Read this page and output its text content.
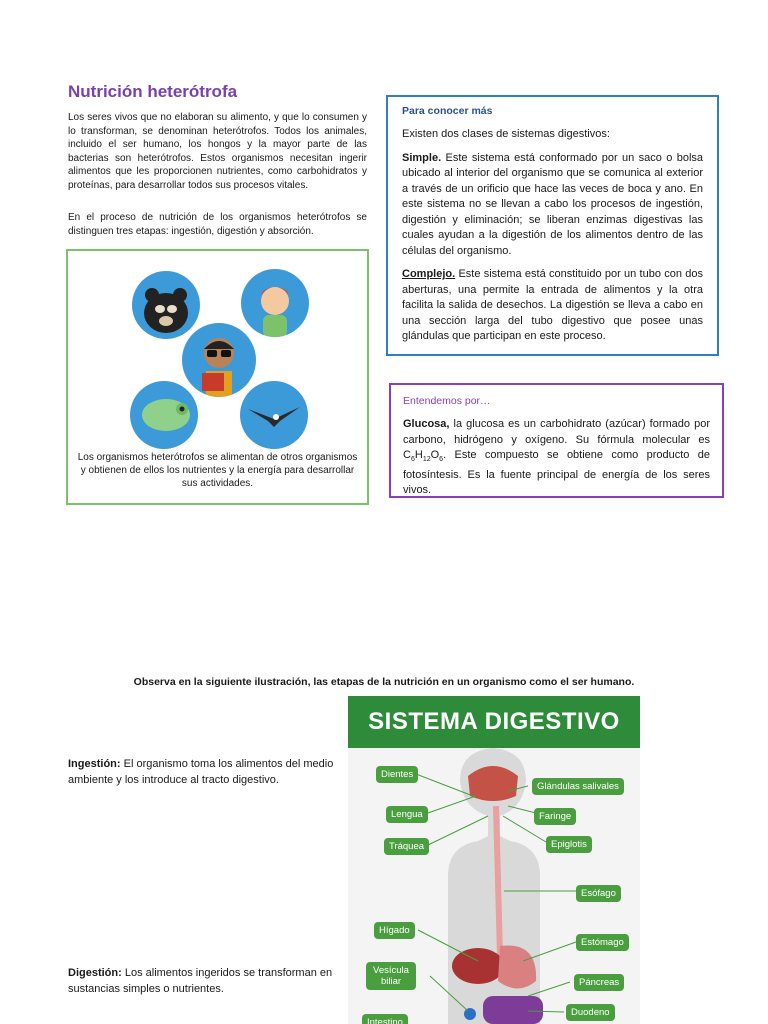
Nutrición heterótrofa

Los seres vivos que no elaboran su alimento, y que lo consumen y lo transforman, se denominan heterótrofos. Todos los animales, incluido el ser humano, los hongos y la mayor parte de las bacterias son heterótrofos. Estos organismos necesitan ingerir alimentos que les proporcionen nutrientes, como carbohidratos y proteínas, para desarrollar todos sus procesos vitales.

En el proceso de nutrición de los organismos heterótrofos se distinguen tres etapas: ingestión, digestión y absorción.

Los organismos heterótrofos se alimentan de otros organismos y obtienen de ellos los nutrientes y la energía para desarrollar sus actividades.
Para conocer más

Existen dos clases de sistemas digestivos:

Simple. Este sistema está conformado por un saco o bolsa ubicado al interior del organismo que se comunica al exterior a través de un orificio que hace las veces de boca y ano. En este sistema no se llevan a cabo los procesos de ingestión, digestión y eliminación; se liberan enzimas digestivas las cuales ayudan a la digestión de los alimentos dentro de las células del organismo.

Complejo. Este sistema está constituido por un tubo con dos aberturas, una permite la entrada de alimentos y la otra facilita la salida de desechos. La digestión se lleva a cabo en una sección larga del tubo digestivo que posee unas glándulas que participan en este proceso.

Entendemos por…

Glucosa, la glucosa es un carbohidrato (azúcar) formado por carbono, hidrógeno y oxígeno. Su fórmula molecular es $C_6H_{12}O_6$. Este compuesto se obtiene como producto de fotosíntesis. Es la fuente principal de energía de los seres vivos.

Observa en la siguiente ilustración, las etapas de la nutrición en un organismo como el ser humano.
Ingestión: El organismo toma los alimentos del medio ambiente y los introduce al tracto digestivo.
Digestión: Los alimentos ingeridos se transforman en sustancias simples o nutrientes.
SISTEMA DIGESTIVO
Dientes
Glándulas salivales
Lengua	Faringe
Tráquea	Epiglotis
Esófago
Hígado
Estómago
Vesícula biliar	Páncreas
Intestino
Duodeno
